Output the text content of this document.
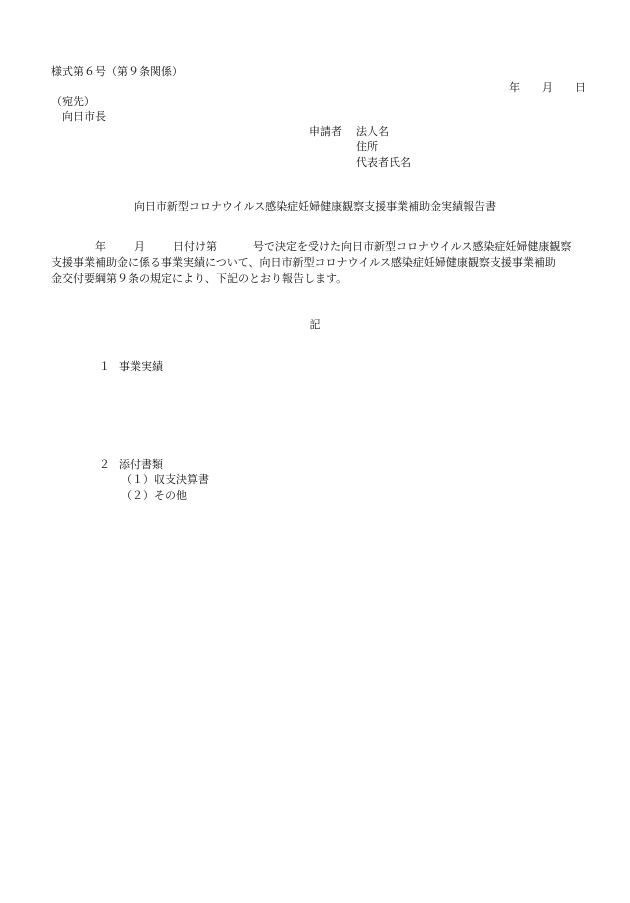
様式第６号（第９条関係）
年 月 日
（宛先）
向日市長
申請者 法人名
住所
代表者氏名
向日市新型コロナウイルス感染症妊婦健康観察支援事業補助金実績報告書
年	月	日付け第	号で決定を受けた向日市新型コロナウイルス感染症妊婦健康観察
支援事業補助金に係る事業実績について、向日市新型コロナウイルス感染症妊婦健康観察支援事業補助
金交付要綱第９条の規定により、下記のとおり報告します。
記
１ 事業実績
２ 添付書類
（１）収支決算書
（２）その他
